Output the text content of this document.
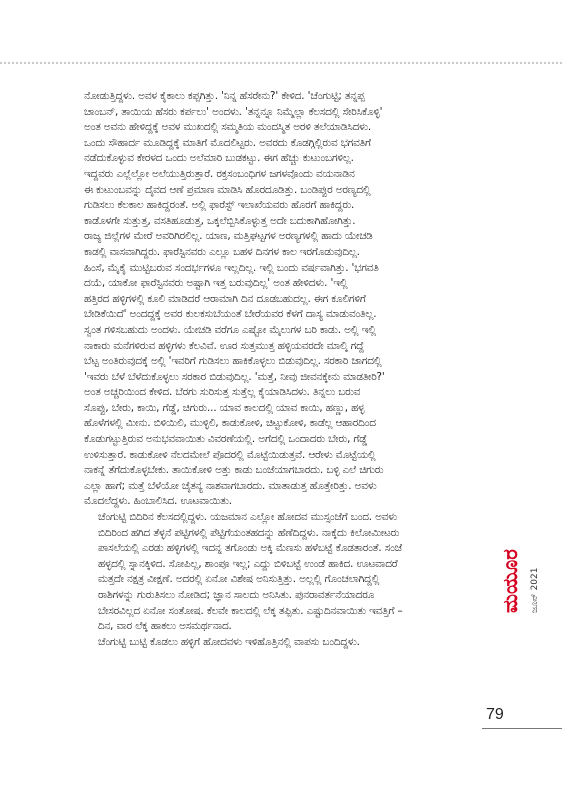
ನೋಡುತ್ತಿದ್ದಳು. ಅವಳ ಕೈಕಾಲು ಕಪ್ಪಗಿತ್ತು. 'ನಿನ್ನ ಹೆಸರೇನು?' ಕೇಳಿದ. 'ಚೆಂಗುಟ್ಟಿ; ತನ್ನಪ್ಪ
ಚಾಂಬನ್, ತಾಯಿಯ ಹೆಸರು ಕರ್ಪಲು' ಅಂದಳು. 'ತನ್ನನ್ನೂ ನಿಮ್ಮೆಲ್ಲಾ ಕೆಲಸದಲ್ಲಿ ಸೇರಿಸಿಕೊಳ್ಳಿ'
ಅಂತ ಅವನು ಹೇಳಿದ್ದಕ್ಕೆ ಅವಳ ಮುಖದಲ್ಲಿ ಸಮ್ಮತಿಯ ಮಂದಸ್ಮಿತ ಅರಳಿ ತಲೆಯಾಡಿಸಿದಳು.
ಒಂದು ಸೌಹಾರ್ದ ಮೂಡಿದ್ದಕ್ಕೆ ಮಾತಿಗೆ ಮೊದಲಿಟ್ಟರು. ಅವರದು ಕೊಡಗ್ಗಿಲ್ಲಿರುವ ಭಗವತಿಗೆ
ನಡೆದುಕೊಳ್ಳುವ ಕೇರಳದ ಒಂದು ಅಲೆಮಾರಿ ಬುಡಕಟ್ಟು. ಈಗ ಹೆಚ್ಚು ಕುಟುಂಬಗಳಿಲ್ಲ.
ಇದ್ದವರು ಎಲ್ಲೆಲ್ಲೋ ಅಲೆಯುತ್ತಿರುತ್ತಾರೆ. ರಕ್ತಸಂಬಂಧಿಗಳ ಜಗಳವೊಂದು ವಯನಾಡಿನ
ಈ ಕುಟುಂಬವನ್ನು ದೈವದ ಆಣೆ ಪ್ರಮಾಣ ಮಾಡಿಸಿ ಹೊರದೂಡಿತ್ತು. ಬಂಡಿಪ್ಪುರ ಅರಣ್ಯದಲ್ಲಿ
ಗುಡಿಸಲು ಕೆಲಕಾಲ ಹಾಕಿದ್ದರಂತೆ. ಅಲ್ಲಿ ಫಾರೆಸ್ಟ್ ಇಲಾಖೆಯವರು ಹೊರಗೆ ಹಾಕಿದ್ದರು.
ಕಾಡೊಳಗೇ ಸುತ್ತುತ್ತ, ವಸತಿಹೂಡುತ್ತ, ಒಕ್ಕಲೆಬ್ಬಿಸಿಕೊಳ್ಳುತ್ತ ಅದೇ ಬದುಕಾಗಿಹೋಗಿತ್ತು.
ರಾಜ್ಯ ಜಿಲ್ಲೆಗಳ ಮೇರೆ ಅವರಿಗಿರಲಿಲ್ಲ. ಯಾಣ, ಮತ್ತಿಘಟ್ಟಗಳ ಅರಣ್ಯಗಳಲ್ಲಿ ಹಾದು ಯೇಚಡಿ
ಕಾಡಲ್ಲಿ ವಾಸವಾಗಿದ್ದರು. ಫಾರೆಸ್ಟಿನವರು ಎಲ್ಲೂ ಬಹಳ ದಿನಗಳ ಕಾಲ ಇರಗೊಡುವುದಿಲ್ಲ.
ಹಿಂಸೆ, ಮೈಕೈ ಮುಟ್ಟಿಬರುವ ಸಂದರ್ಭಗಳೂ ಇಲ್ಲದಿಲ್ಲ. ಇಲ್ಲಿ ಬಂದು ವರ್ಷವಾಗಿತ್ತು. 'ಭಗವತಿ
ದಯೆ, ಯಾಕೋ ಫಾರೆಸ್ಟಿನವರು ಅಷ್ಟಾಗಿ ಇತ್ತ ಬರುವುದಿಲ್ಲ' ಅಂತ ಹೇಳಿದಳು. 'ಇಲ್ಲಿ
ಹತ್ತಿರದ ಹಳ್ಳಿಗಳಲ್ಲಿ ಕೂಲಿ ಮಾಡಿದರೆ ಆರಾಮಾಗಿ ದಿನ ದೂಡಬಹುದಲ್ಲ. ಈಗ ಕೂಲಿಗಳಿಗೆ
ಬೇಡಿಕೆಯಿದೆ' ಅಂದದ್ದಕ್ಕೆ ಅವರ ಕುಲಕಸುಬೆಯಂತೆ ಬೇರೆಯವರ ಕೆಳಗೆ ದಾಸ್ಯ ಮಾಡುವಂತಿಲ್ಲ.
ಸ್ವಂತ ಗಳಿಸಬಹುದು ಅಂದಳು. ಯೇಚಡಿ ವರೆಗೂ ಎಷ್ಟೋ ಮೈಲುಗಳ ಬರಿ ಕಾಡು. ಅಲ್ಲಿ ಇಲ್ಲಿ
ನಾಕಾರು ಮನೆಗಳಿರುವ ಹಳ್ಳಿಗಳು ಕೆಲವಿವೆ. ಊರ ಸುತ್ತಮುತ್ತ ಹಳ್ಳಿಯವರದೇ ಮಾಲ್ಕಿ ಗದ್ದೆ
ಬೆಟ್ಟ ಅಂತಿರುವುದಕ್ಕೆ ಅಲ್ಲಿ 'ಇವರಿಗೆ ಗುಡಿಸಲು ಹಾಕಿಕೊಳ್ಳಲು ಬಿಡುವುದಿಲ್ಲ. ಸರಕಾರಿ ಜಾಗದಲ್ಲಿ
'ಇವರು ಬೆಳೆ ಬೆಳೆದುಕೊಳ್ಳಲು ಸರಕಾರ ಬಿಡುವುದಿಲ್ಲ. 'ಮತ್ತೆ, ನೀವು ಜೀವನಕ್ಕೇನು ಮಾಡತೀರಿ?'
ಅಂತ ಅಚ್ಚರಿಯಿಂದ ಕೇಳಿದ. ಬೆರಗು ಸುರಿಸುತ್ತ ಸುತ್ತೆಲ್ಲ ಕೈಯಾಡಿಸಿದಳು. ತಿನ್ನಲು ಬರುವ
ಸೊಪ್ಪು, ಬೇರು, ಕಾಯಿ, ಗೆಡ್ಡೆ, ಚಿಗುರು... ಯಾವ ಕಾಲದಲ್ಲಿ ಯಾವ ಕಾಯಿ, ಹಣ್ಣು, ಹಳ್ಳ
ಹೊಳೆಗಳಲ್ಲಿ ಮೀನು. ಬಿಳಿಯಿಲಿ, ಮುಳ್ಳಿಲಿ, ಕಾಡುಕೋಳಿ, ಚಿಟ್ಟುಕೋಳಿ, ಕಾಡೆಲ್ಲ ಆಹಾರದಿಂದ
ಕೊಡುಗಟ್ಟುತ್ತಿರುವ ಅನುಭವವಾಯಿತು ವಿವರಣೆಯಲ್ಲಿ. ಅಗೆದಲ್ಲಿ ಒಂದಾದರು ಬೇರು, ಗೆಡ್ಡೆ
ಉಳಿಸುತ್ತಾರೆ. ಕಾಡುಕೋಳಿ ನೆಲದಮೇಲೆ ಪೊದರಲ್ಲಿ ಮೊಟ್ಟೆಯಿಡುತ್ತವೆ. ಆರೇಳು ಮೊಟ್ಟೆಯಲ್ಲಿ
ನಾಕನ್ನೆ ತೆಗೆದುಕೊಳ್ಳಬೇಕು. ತಾಯಿಕೋಳಿ ಅತ್ತು ಕಾಡು ಬಂಜೆಯಾಗಬಾರದು. ಬಳ್ಳಿ ಎಲೆ ಚಿಗುರು
ಎಲ್ಲಾ ಹಾಗೆ; ಮತ್ತೆ ಬೆಳೆಯೋ ಚೈತನ್ಯ ನಾಶವಾಗಬಾರದು. ಮಾತಾಡುತ್ತ ಹೊತ್ತೇರಿತ್ತು. ಅವಳು
ಮೊದಲೆದ್ದಳು. ಹಿಂಬಾಲಿಸಿದ. ಊಟವಾಯಿತು.

ಚೆಂಗುಟ್ಟಿ ಬಿದಿರಿನ ಕೆಲಸದಲ್ಲಿದ್ದಳು. ಯಜಮಾನ ಎಲ್ಲೋ ಹೋದವ ಮುಸ್ಸಂಜೆಗೆ ಬಂದ. ಅವಳು
ಬಿದಿರಿಂದ ಹಗಿದ ತೆಳ್ಳನೆ ಪಟ್ಟಿಗಳಲ್ಲಿ ಪೆಟ್ಟಿಗೆಯಂತಹದನ್ನು ಹೆಣೆದಿದ್ದಳು. ನಾಕ್ಕೆದು ಕಿಲೋಮೀಟರು
ಪಾಸಲೆಯಲ್ಲಿ ಎರಡು ಹಳ್ಳಿಗಳಲ್ಲಿ ಇದನ್ನ ತಗೊಂಡು ಅಕ್ಕಿ ಮೆಣಸು ಹಳೆಬಟ್ಟೆ ಕೊಡತಾರಂತೆ. ಸಂಜೆ
ಹಳ್ಳದಲ್ಲಿ ಸ್ನಾನಕ್ಕಿಳಿದ. ಸೋಪಿಲ್ಲ, ಶಾಂಪೂ ಇಲ್ಲ; ಎದ್ದು ಬಿಳಿಬಟ್ಟೆ ಉಂಡೆ ಹಾಕಿದ. ಊಟವಾದರೆ
ಮತ್ತದೇ ನಕ್ಷತ್ರ ವೀಕ್ಷಣೆ. ಅದರಲ್ಲಿ ಏನೋ ವಿಶೇಷ ಅನಿಸುತ್ತಿತ್ತು. ಅಲ್ಲಲ್ಲಿ ಗೊಂಚಲಾಗಿದ್ದಲ್ಲಿ
ರಾಶಿಗಳನ್ನು ಗುರುತಿಸಲು ನೋಡಿದ; ಜ್ಞಾನ ಸಾಲದು ಅನಿಸಿತು. ಪುನರಾವರ್ತನೆಯಾದರೂ
ಬೇಸರವಿಲ್ಲದ ಏನೋ ಸಂತೋಷ. ಕೆಲವೇ ಕಾಲದಲ್ಲಿ ಲೆಕ್ಕ ತಪ್ಪಿತು. ಎಷ್ಟುದಿನವಾಯಿತು ಇವತ್ತಿಗೆ –
ದಿನ, ವಾರ ಲೆಕ್ಕ ಹಾಕಲು ಅಸಮರ್ಥನಾದ.

ಚೆಂಗುಟ್ಟಿ ಬುಟ್ಟಿ ಕೊಡಲು ಹಳ್ಳಿಗೆ ಹೋದವಳು ಇಳಿಹೊತ್ತಿನಲ್ಲಿ ವಾಪಸು ಬಂದಿದ್ದಳು.

ಮಯೂರ ಜೂನ್ 2021
79
